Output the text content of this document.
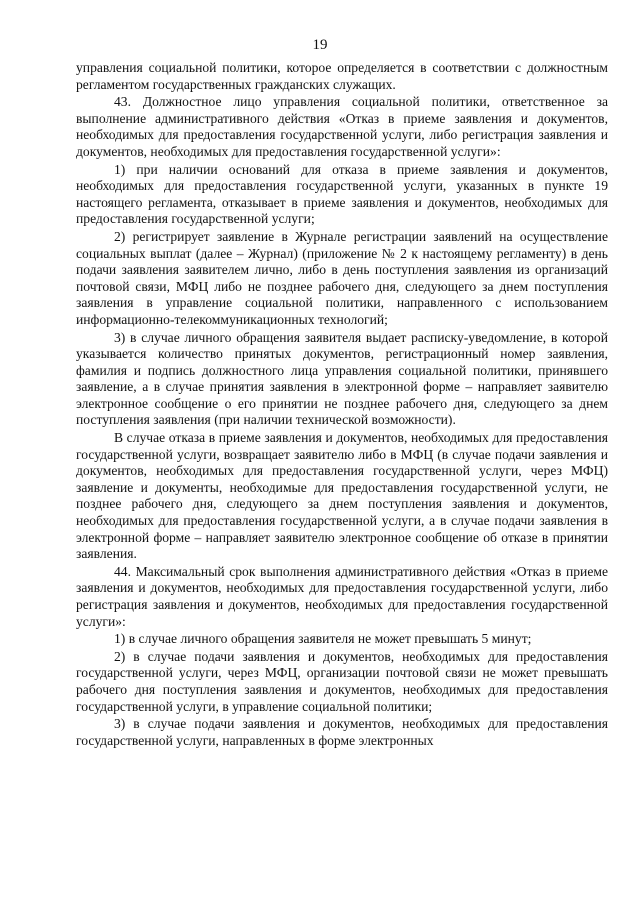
19

управления социальной политики, которое определяется в соответствии с должностным регламентом государственных гражданских служащих.

43. Должностное лицо управления социальной политики, ответственное за выполнение административного действия «Отказ в приеме заявления и документов, необходимых для предоставления государственной услуги, либо регистрация заявления и документов, необходимых для предоставления государственной услуги»:

1) при наличии оснований для отказа в приеме заявления и документов, необходимых для предоставления государственной услуги, указанных в пункте 19 настоящего регламента, отказывает в приеме заявления и документов, необходимых для предоставления государственной услуги;

2) регистрирует заявление в Журнале регистрации заявлений на осуществление социальных выплат (далее – Журнал) (приложение № 2 к настоящему регламенту) в день подачи заявления заявителем лично, либо в день поступления заявления из организаций почтовой связи, МФЦ либо не позднее рабочего дня, следующего за днем поступления заявления в управление социальной политики, направленного с использованием информационно-телекоммуникационных технологий;

3) в случае личного обращения заявителя выдает расписку-уведомление, в которой указывается количество принятых документов, регистрационный номер заявления, фамилия и подпись должностного лица управления социальной политики, принявшего заявление, а в случае принятия заявления в электронной форме – направляет заявителю электронное сообщение о его принятии не позднее рабочего дня, следующего за днем поступления заявления (при наличии технической возможности).

В случае отказа в приеме заявления и документов, необходимых для предоставления государственной услуги, возвращает заявителю либо в МФЦ (в случае подачи заявления и документов, необходимых для предоставления государственной услуги, через МФЦ) заявление и документы, необходимые для предоставления государственной услуги, не позднее рабочего дня, следующего за днем поступления заявления и документов, необходимых для предоставления государственной услуги, а в случае подачи заявления в электронной форме – направляет заявителю электронное сообщение об отказе в принятии заявления.

44. Максимальный срок выполнения административного действия «Отказ в приеме заявления и документов, необходимых для предоставления государственной услуги, либо регистрация заявления и документов, необходимых для предоставления государственной услуги»:

1) в случае личного обращения заявителя не может превышать 5 минут;

2) в случае подачи заявления и документов, необходимых для предоставления государственной услуги, через МФЦ, организации почтовой связи не может превышать рабочего дня поступления заявления и документов, необходимых для предоставления государственной услуги, в управление социальной политики;

3) в случае подачи заявления и документов, необходимых для предоставления государственной услуги, направленных в форме электронных
